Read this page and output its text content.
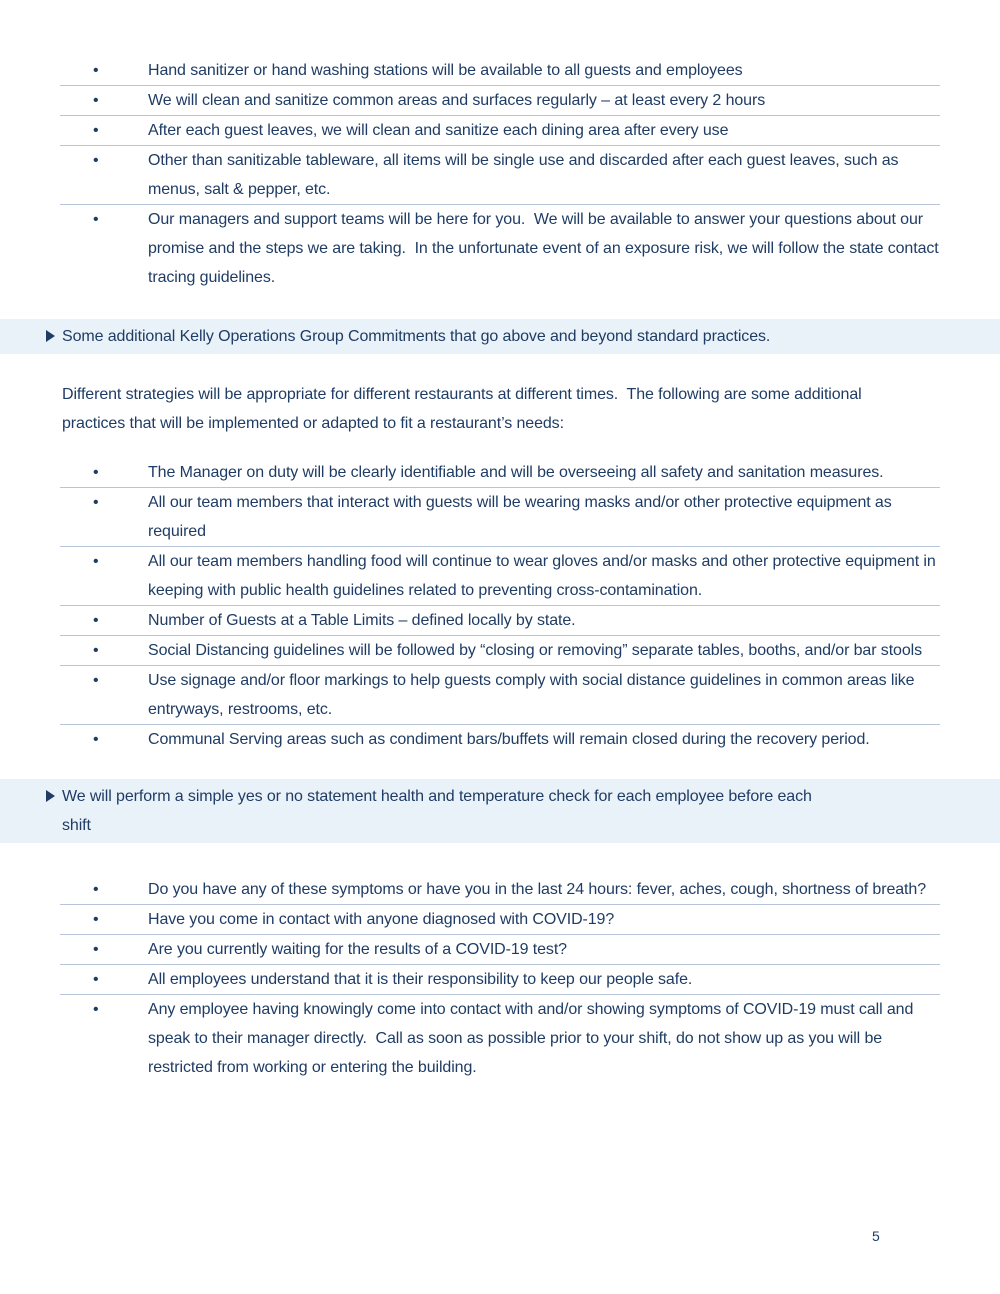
•	Hand sanitizer or hand washing stations will be available to all guests and employees
•	We will clean and sanitize common areas and surfaces regularly – at least every 2 hours
•	After each guest leaves, we will clean and sanitize each dining area after every use
•	Other than sanitizable tableware, all items will be single use and discarded after each guest leaves, such as menus, salt & pepper, etc.
•	Our managers and support teams will be here for you.  We will be available to answer your questions about our promise and the steps we are taking.  In the unfortunate event of an exposure risk, we will follow the state contact tracing guidelines.
Some additional Kelly Operations Group Commitments that go above and beyond standard practices.

Different strategies will be appropriate for different restaurants at different times.  The following are some additional practices that will be implemented or adapted to fit a restaurant’s needs:

•	The Manager on duty will be clearly identifiable and will be overseeing all safety and sanitation measures.
•	All our team members that interact with guests will be wearing masks and/or other protective equipment as required
•	All our team members handling food will continue to wear gloves and/or masks and other protective equipment in keeping with public health guidelines related to preventing cross-contamination.
•	Number of Guests at a Table Limits – defined locally by state.
•	Social Distancing guidelines will be followed by “closing or removing” separate tables, booths, and/or bar stools
•	Use signage and/or floor markings to help guests comply with social distance guidelines in common areas like entryways, restrooms, etc.
•	Communal Serving areas such as condiment bars/buffets will remain closed during the recovery period.
We will perform a simple yes or no statement health and temperature check for each employee before each shift
•	Do you have any of these symptoms or have you in the last 24 hours: fever, aches, cough, shortness of breath?
•	Have you come in contact with anyone diagnosed with COVID-19?
•	Are you currently waiting for the results of a COVID-19 test?
•	All employees understand that it is their responsibility to keep our people safe.
•	Any employee having knowingly come into contact with and/or showing symptoms of COVID-19 must call and speak to their manager directly.  Call as soon as possible prior to your shift, do not show up as you will be restricted from working or entering the building.
5
